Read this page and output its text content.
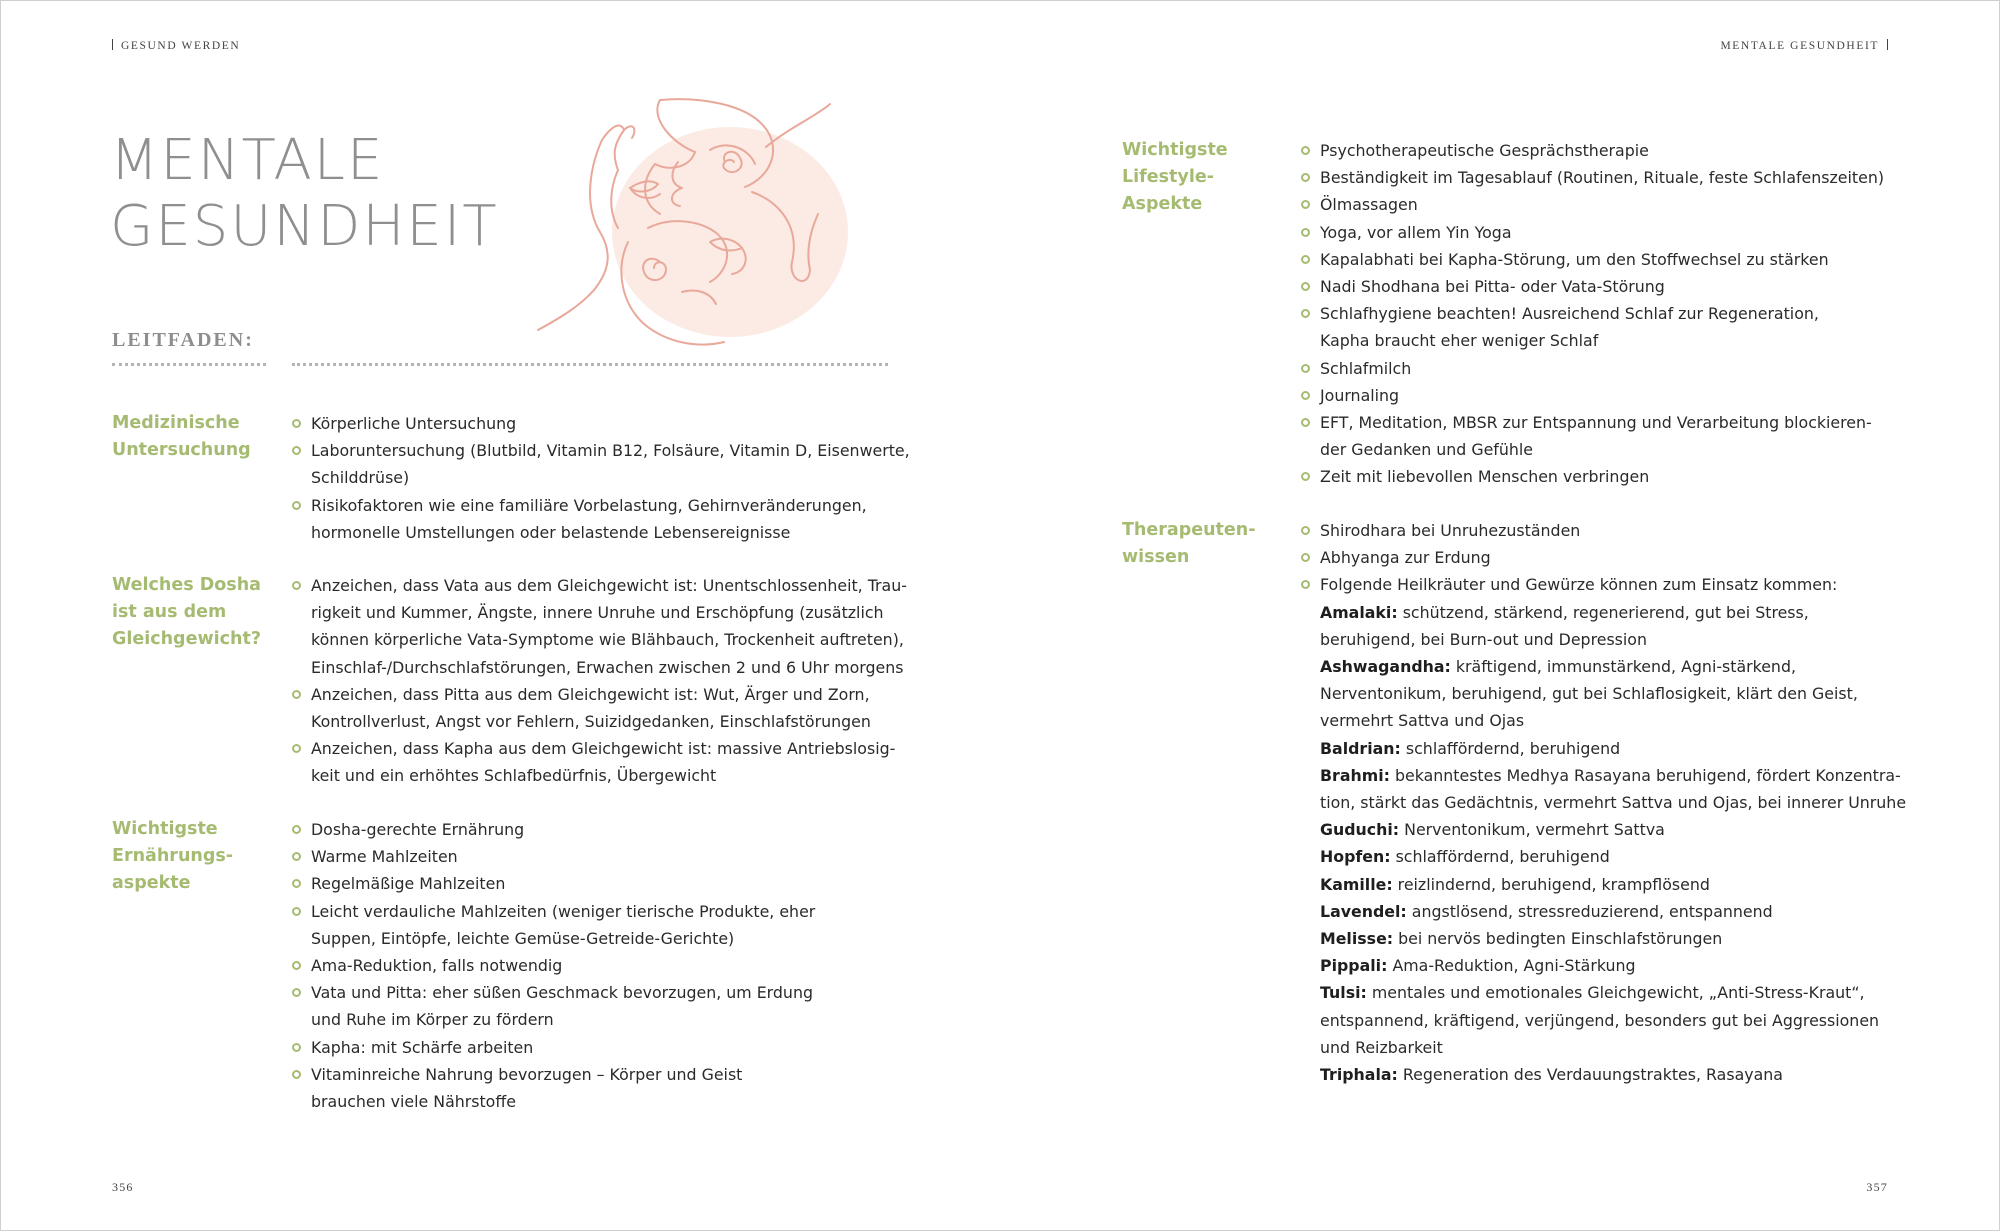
GESUND WERDEN	MENTALE GESUNDHEIT
MENTALE
GESUNDHEIT
LEITFADEN:
Medizinische
Untersuchung
Körperliche Untersuchung
Laboruntersuchung (Blutbild, Vitamin B12, Folsäure, Vitamin D, Eisenwerte,
Schilddrüse)
Risikofaktoren wie eine familiäre Vorbelastung, Gehirnveränderungen,
hormonelle Umstellungen oder belastende Lebensereignisse
Welches Dosha
ist aus dem
Gleichgewicht?
Anzeichen, dass Vata aus dem Gleichgewicht ist: Unentschlossenheit, Trau-
rigkeit und Kummer, Ängste, innere Unruhe und Erschöpfung (zusätzlich
können körperliche Vata-Symptome wie Blähbauch, Trockenheit auftreten),
Einschlaf-/Durchschlafstörungen, Erwachen zwischen 2 und 6 Uhr morgens
Anzeichen, dass Pitta aus dem Gleichgewicht ist: Wut, Ärger und Zorn,
Kontrollverlust, Angst vor Fehlern, Suizidgedanken, Einschlafstörungen
Anzeichen, dass Kapha aus dem Gleichgewicht ist: massive Antriebslosig-
keit und ein erhöhtes Schlafbedürfnis, Übergewicht
Wichtigste
Ernährungs-
aspekte
Dosha-gerechte Ernährung
Warme Mahlzeiten
Regelmäßige Mahlzeiten
Leicht verdauliche Mahlzeiten (weniger tierische Produkte, eher
Suppen, Eintöpfe, leichte Gemüse-Getreide-Gerichte)
Ama-Reduktion, falls notwendig
Vata und Pitta: eher süßen Geschmack bevorzugen, um Erdung
und Ruhe im Körper zu fördern
Kapha: mit Schärfe arbeiten
Vitaminreiche Nahrung bevorzugen – Körper und Geist
brauchen viele Nährstoffe
Wichtigste
Lifestyle-
Aspekte
Psychotherapeutische Gesprächstherapie
Beständigkeit im Tagesablauf (Routinen, Rituale, feste Schlafenszeiten)
Ölmassagen
Yoga, vor allem Yin Yoga
Kapalabhati bei Kapha-Störung, um den Stoffwechsel zu stärken
Nadi Shodhana bei Pitta- oder Vata-Störung
Schlafhygiene beachten! Ausreichend Schlaf zur Regeneration,
Kapha braucht eher weniger Schlaf
Schlafmilch
Journaling
EFT, Meditation, MBSR zur Entspannung und Verarbeitung blockieren-
der Gedanken und Gefühle
Zeit mit liebevollen Menschen verbringen
Therapeuten-
wissen
Shirodhara bei Unruhezuständen
Abhyanga zur Erdung
Folgende Heilkräuter und Gewürze können zum Einsatz kommen:
Amalaki: schützend, stärkend, regenerierend, gut bei Stress,
beruhigend, bei Burn-out und Depression
Ashwagandha: kräftigend, immunstärkend, Agni-stärkend,
Nerventonikum, beruhigend, gut bei Schlaflosigkeit, klärt den Geist,
vermehrt Sattva und Ojas
Baldrian: schlaffördernd, beruhigend
Brahmi: bekanntestes Medhya Rasayana beruhigend, fördert Konzentra-
tion, stärkt das Gedächtnis, vermehrt Sattva und Ojas, bei innerer Unruhe
Guduchi: Nerventonikum, vermehrt Sattva
Hopfen: schlaffördernd, beruhigend
Kamille: reizlindernd, beruhigend, krampflösend
Lavendel: angstlösend, stressreduzierend, entspannend
Melisse: bei nervös bedingten Einschlafstörungen
Pippali: Ama-Reduktion, Agni-Stärkung
Tulsi: mentales und emotionales Gleichgewicht, „Anti-Stress-Kraut“,
entspannend, kräftigend, verjüngend, besonders gut bei Aggressionen
und Reizbarkeit
Triphala: Regeneration des Verdauungstraktes, Rasayana
356	357
